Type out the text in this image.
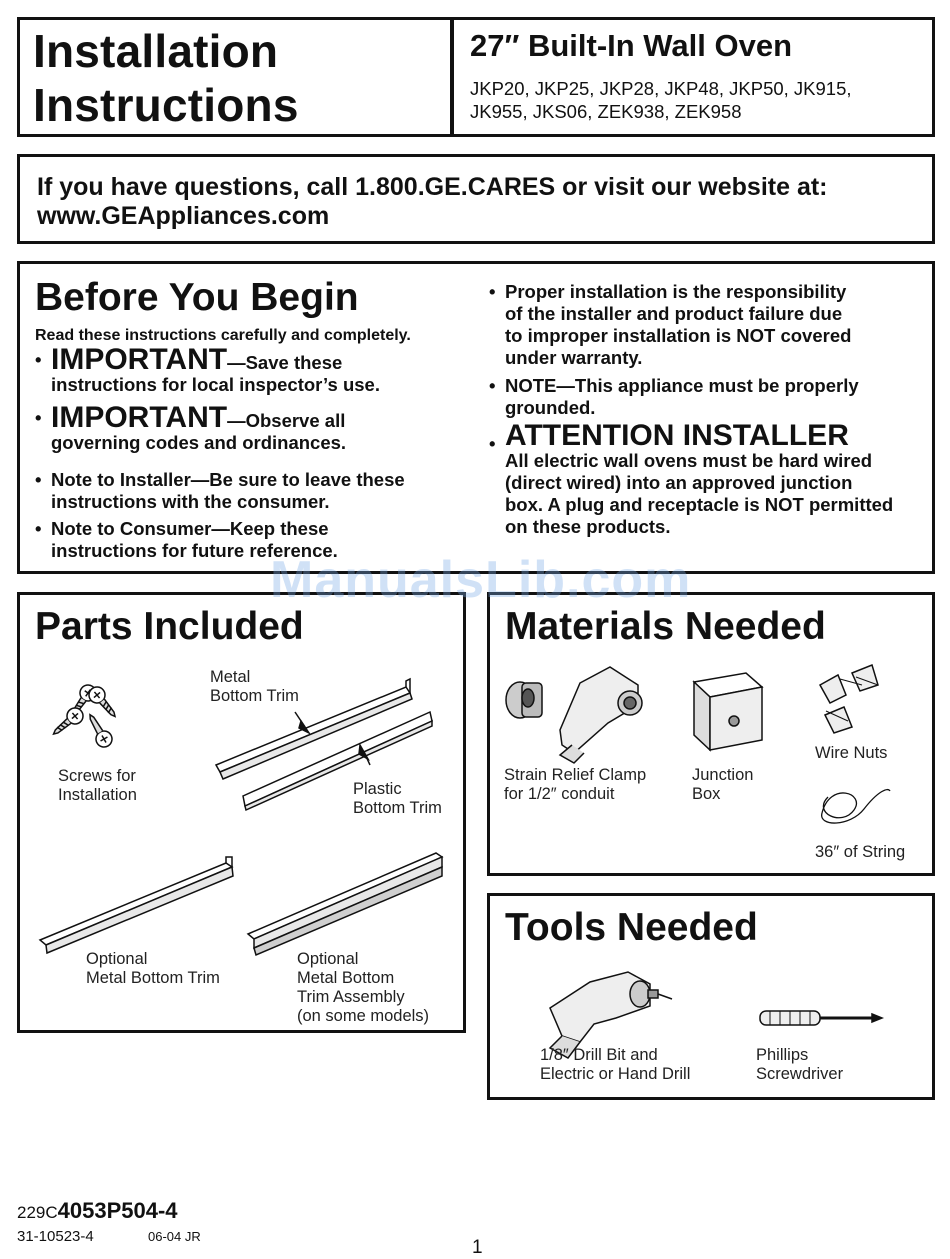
Installation
Instructions
27″ Built-In Wall Oven
JKP20, JKP25, JKP28, JKP48, JKP50, JK915,
JK955, JKS06, ZEK938, ZEK958
If you have questions, call 1.800.GE.CARES or visit our website at:
www.GEAppliances.com
Before You Begin
Read these instructions carefully and completely.
• IMPORTANT—Save these
instructions for local inspector’s use.
• IMPORTANT—Observe all
governing codes and ordinances.
• Note to Installer—Be sure to leave these
instructions with the consumer.
• Note to Consumer—Keep these
instructions for future reference.
• Proper installation is the responsibility
of the installer and product failure due
to improper installation is NOT covered
under warranty.
• NOTE—This appliance must be properly
grounded.
• ATTENTION INSTALLER
All electric wall ovens must be hard wired
(direct wired) into an approved junction
box. A plug and receptacle is NOT permitted
on these products.
Parts Included
Screws for
Installation
Metal
Bottom Trim
Plastic
Bottom Trim
Optional
Metal Bottom Trim
Optional
Metal Bottom
Trim Assembly
(on some models)
Materials Needed
Strain Relief Clamp
for 1/2″ conduit
Junction
Box
Wire Nuts
36″ of String
Tools Needed
1/8″ Drill Bit and
Electric or Hand Drill
Phillips
Screwdriver
ManualsLib.com
229C4053P504-4
31-10523-4	06-04 JR
1
